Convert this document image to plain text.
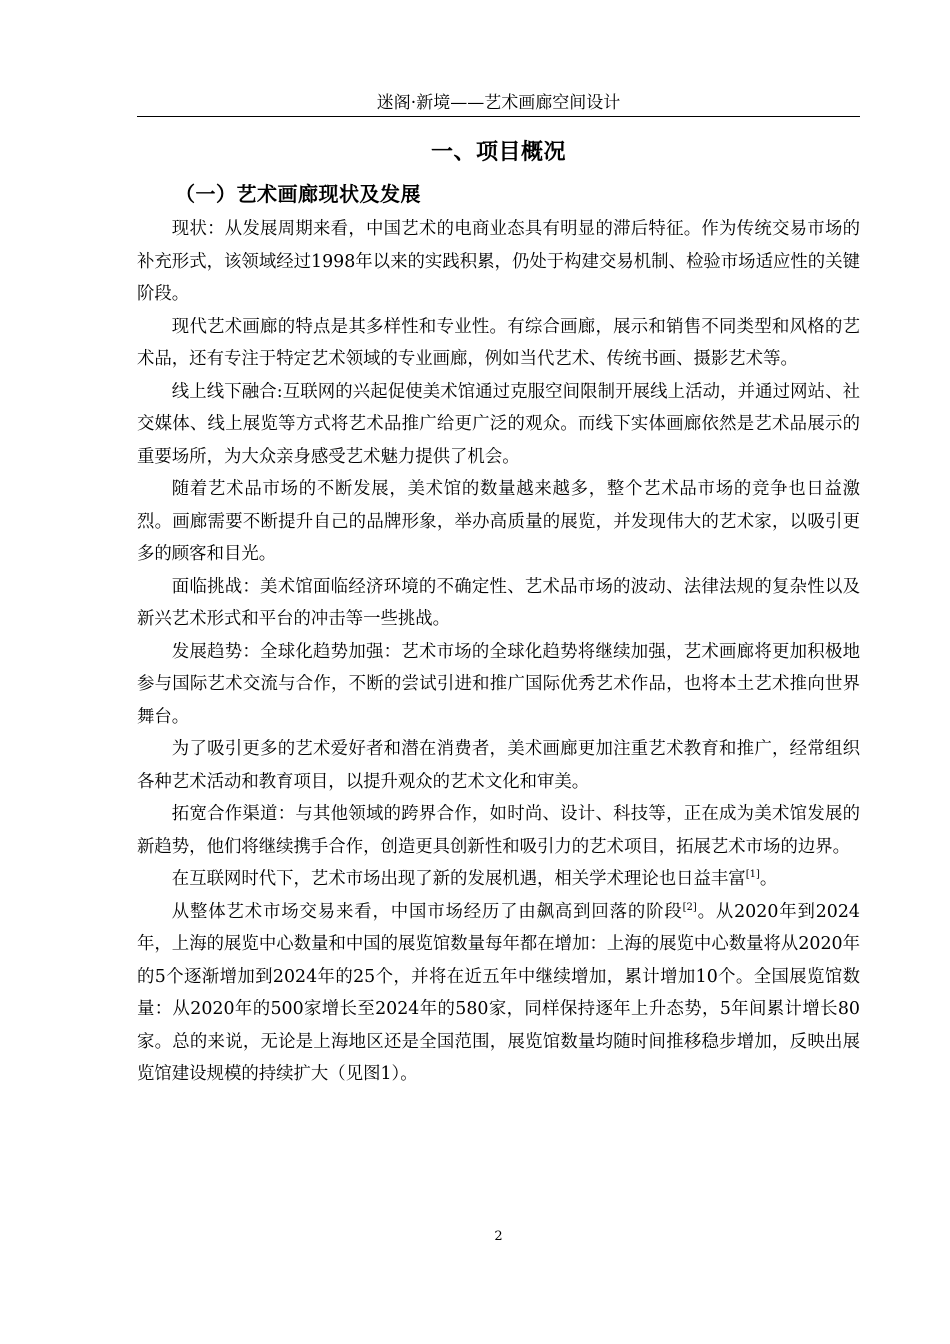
迷阁·新境——艺术画廊空间设计
一、项目概况
（一）艺术画廊现状及发展

现状：从发展周期来看，中国艺术的电商业态具有明显的滞后特征。作为传统交易市场的补充形式，该领域经过1998年以来的实践积累，仍处于构建交易机制、检验市场适应性的关键阶段。

现代艺术画廊的特点是其多样性和专业性。有综合画廊，展示和销售不同类型和风格的艺术品，还有专注于特定艺术领域的专业画廊，例如当代艺术、传统书画、摄影艺术等。

线上线下融合:互联网的兴起促使美术馆通过克服空间限制开展线上活动，并通过网站、社交媒体、线上展览等方式将艺术品推广给更广泛的观众。而线下实体画廊依然是艺术品展示的重要场所，为大众亲身感受艺术魅力提供了机会。

随着艺术品市场的不断发展，美术馆的数量越来越多，整个艺术品市场的竞争也日益激烈。画廊需要不断提升自己的品牌形象，举办高质量的展览，并发现伟大的艺术家，以吸引更多的顾客和目光。

面临挑战：美术馆面临经济环境的不确定性、艺术品市场的波动、法律法规的复杂性以及新兴艺术形式和平台的冲击等一些挑战。

发展趋势：全球化趋势加强：艺术市场的全球化趋势将继续加强，艺术画廊将更加积极地参与国际艺术交流与合作，不断的尝试引进和推广国际优秀艺术作品，也将本土艺术推向世界舞台。

为了吸引更多的艺术爱好者和潜在消费者，美术画廊更加注重艺术教育和推广，经常组织各种艺术活动和教育项目，以提升观众的艺术文化和审美。

拓宽合作渠道：与其他领域的跨界合作，如时尚、设计、科技等，正在成为美术馆发展的新趋势，他们将继续携手合作，创造更具创新性和吸引力的艺术项目，拓展艺术市场的边界。

在互联网时代下，艺术市场出现了新的发展机遇，相关学术理论也日益丰富[1]。

从整体艺术市场交易来看，中国市场经历了由飙高到回落的阶段[2]。从2020年到2024年，上海的展览中心数量和中国的展览馆数量每年都在增加：上海的展览中心数量将从2020年的5个逐渐增加到2024年的25个，并将在近五年中继续增加，累计增加10个。全国展览馆数量：从2020年的500家增长至2024年的580家，同样保持逐年上升态势，5年间累计增长80家。总的来说，无论是上海地区还是全国范围，展览馆数量均随时间推移稳步增加，反映出展览馆建设规模的持续扩大（见图1）。

2
